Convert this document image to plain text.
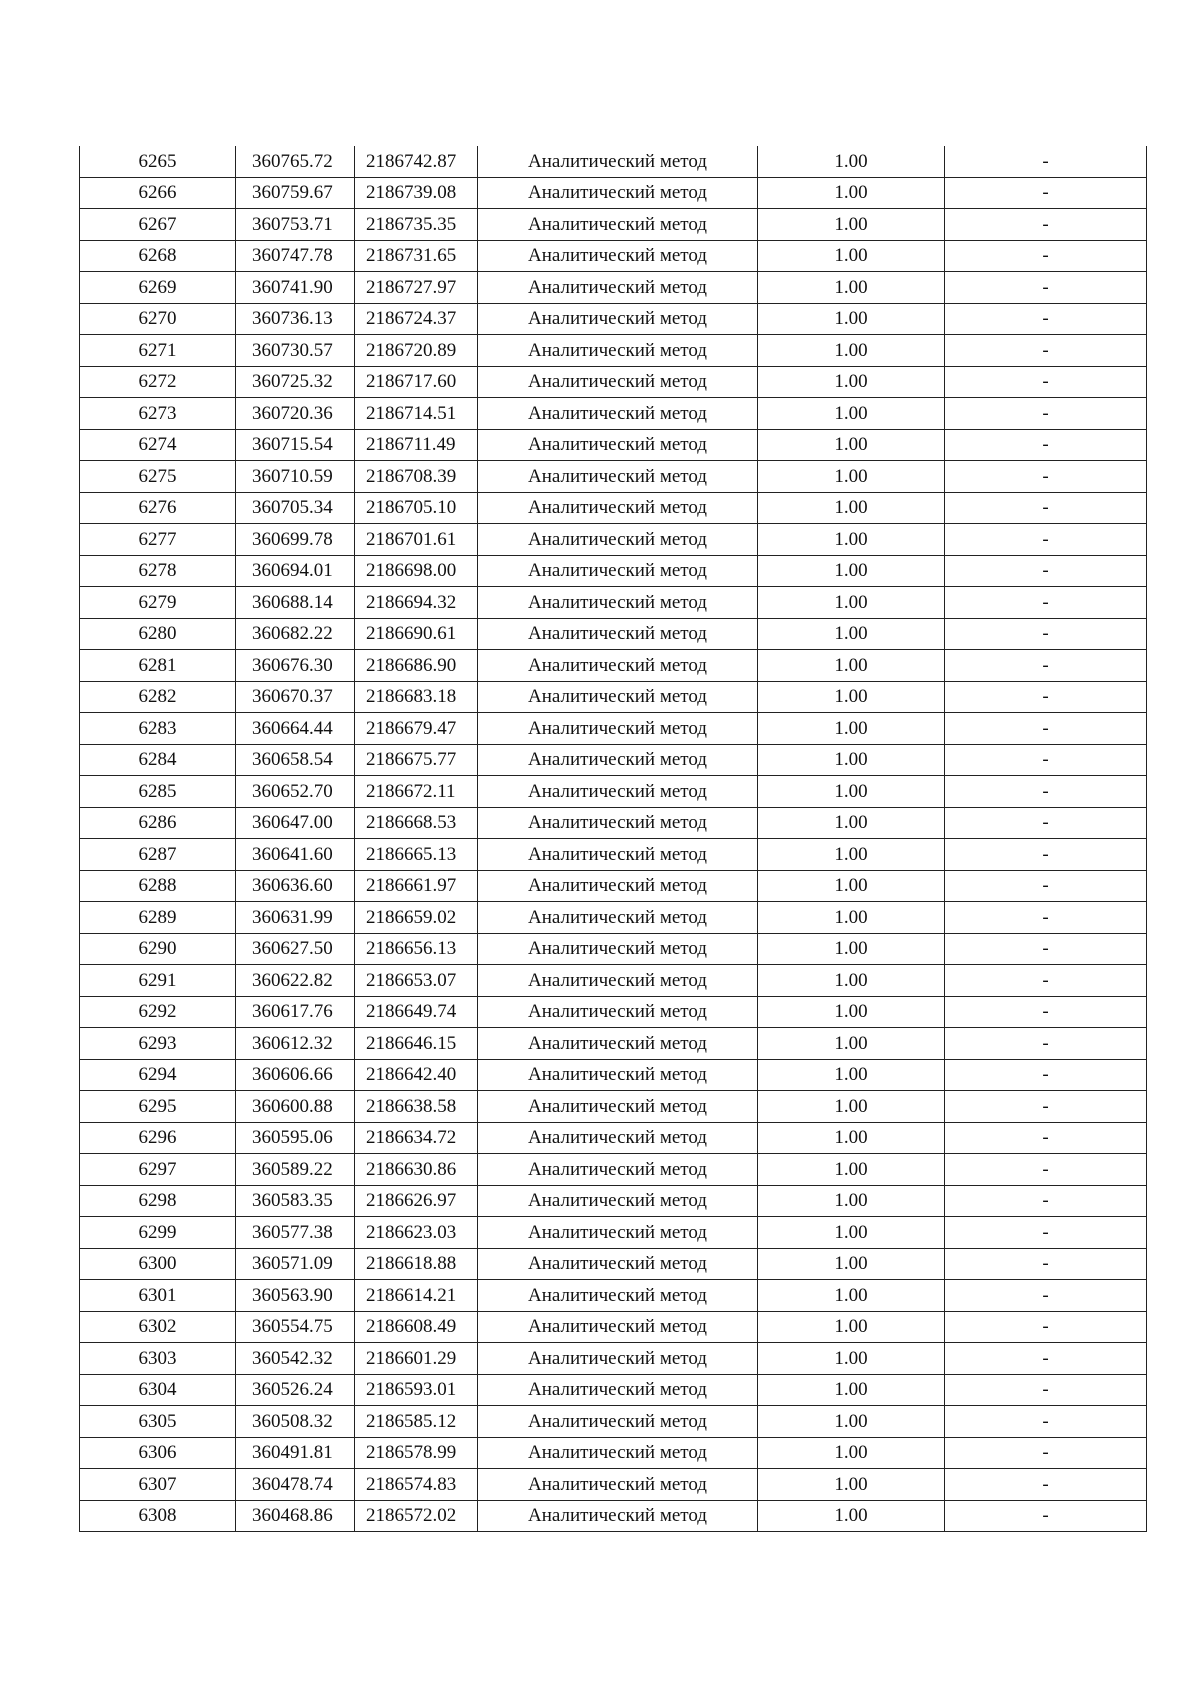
6265	360765.72	2186742.87	Аналитический метод	1.00	-
6266	360759.67	2186739.08	Аналитический метод	1.00	-
6267	360753.71	2186735.35	Аналитический метод	1.00	-
6268	360747.78	2186731.65	Аналитический метод	1.00	-
6269	360741.90	2186727.97	Аналитический метод	1.00	-
6270	360736.13	2186724.37	Аналитический метод	1.00	-
6271	360730.57	2186720.89	Аналитический метод	1.00	-
6272	360725.32	2186717.60	Аналитический метод	1.00	-
6273	360720.36	2186714.51	Аналитический метод	1.00	-
6274	360715.54	2186711.49	Аналитический метод	1.00	-
6275	360710.59	2186708.39	Аналитический метод	1.00	-
6276	360705.34	2186705.10	Аналитический метод	1.00	-
6277	360699.78	2186701.61	Аналитический метод	1.00	-
6278	360694.01	2186698.00	Аналитический метод	1.00	-
6279	360688.14	2186694.32	Аналитический метод	1.00	-
6280	360682.22	2186690.61	Аналитический метод	1.00	-
6281	360676.30	2186686.90	Аналитический метод	1.00	-
6282	360670.37	2186683.18	Аналитический метод	1.00	-
6283	360664.44	2186679.47	Аналитический метод	1.00	-
6284	360658.54	2186675.77	Аналитический метод	1.00	-
6285	360652.70	2186672.11	Аналитический метод	1.00	-
6286	360647.00	2186668.53	Аналитический метод	1.00	-
6287	360641.60	2186665.13	Аналитический метод	1.00	-
6288	360636.60	2186661.97	Аналитический метод	1.00	-
6289	360631.99	2186659.02	Аналитический метод	1.00	-
6290	360627.50	2186656.13	Аналитический метод	1.00	-
6291	360622.82	2186653.07	Аналитический метод	1.00	-
6292	360617.76	2186649.74	Аналитический метод	1.00	-
6293	360612.32	2186646.15	Аналитический метод	1.00	-
6294	360606.66	2186642.40	Аналитический метод	1.00	-
6295	360600.88	2186638.58	Аналитический метод	1.00	-
6296	360595.06	2186634.72	Аналитический метод	1.00	-
6297	360589.22	2186630.86	Аналитический метод	1.00	-
6298	360583.35	2186626.97	Аналитический метод	1.00	-
6299	360577.38	2186623.03	Аналитический метод	1.00	-
6300	360571.09	2186618.88	Аналитический метод	1.00	-
6301	360563.90	2186614.21	Аналитический метод	1.00	-
6302	360554.75	2186608.49	Аналитический метод	1.00	-
6303	360542.32	2186601.29	Аналитический метод	1.00	-
6304	360526.24	2186593.01	Аналитический метод	1.00	-
6305	360508.32	2186585.12	Аналитический метод	1.00	-
6306	360491.81	2186578.99	Аналитический метод	1.00	-
6307	360478.74	2186574.83	Аналитический метод	1.00	-
6308	360468.86	2186572.02	Аналитический метод	1.00	-
